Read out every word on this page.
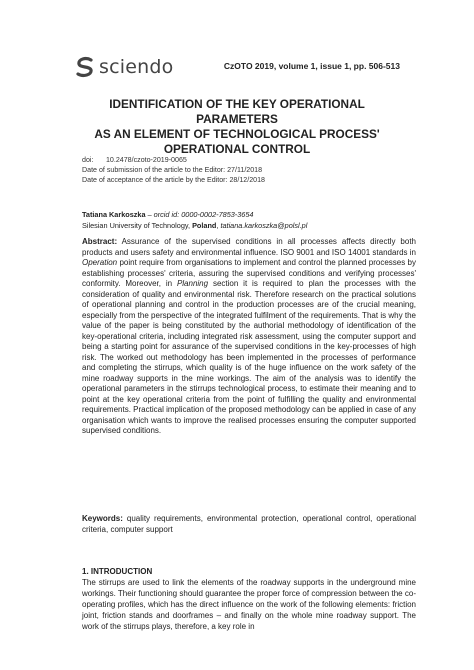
sciendo	CzOTO 2019, volume 1, issue 1, pp. 506-513
IDENTIFICATION OF THE KEY OPERATIONAL PARAMETERS
AS AN ELEMENT OF TECHNOLOGICAL PROCESS'
OPERATIONAL CONTROL
doi: 10.2478/czoto-2019-0065
Date of submission of the article to the Editor: 27/11/2018
Date of acceptance of the article by the Editor: 28/12/2018
Tatiana Karkoszka – orcid id: 0000-0002-7853-3654
Silesian University of Technology, Poland, tatiana.karkoszka@polsl.pl
Abstract: Assurance of the supervised conditions in all processes affects directly both products and users safety and environmental influence. ISO 9001 and ISO 14001 standards in Operation point require from organisations to implement and control the planned processes by establishing processes' criteria, assuring the supervised conditions and verifying processes' conformity. Moreover, in Planning section it is required to plan the processes with the consideration of quality and environmental risk. Therefore research on the practical solutions of operational planning and control in the production processes are of the crucial meaning, especially from the perspective of the integrated fulfilment of the requirements. That is why the value of the paper is being constituted by the authorial methodology of identification of the key-operational criteria, including integrated risk assessment, using the computer support and being a starting point for assurance of the supervised conditions in the key-processes of high risk. The worked out methodology has been implemented in the processes of performance and completing the stirrups, which quality is of the huge influence on the work safety of the mine roadway supports in the mine workings. The aim of the analysis was to identify the operational parameters in the stirrups technological process, to estimate their meaning and to point at the key operational criteria from the point of fulfilling the quality and environmental requirements. Practical implication of the proposed methodology can be applied in case of any organisation which wants to improve the realised processes ensuring the computer supported supervised conditions.
Keywords: quality requirements, environmental protection, operational control, operational criteria, computer support
1. INTRODUCTION
The stirrups are used to link the elements of the roadway supports in the underground mine workings. Their functioning should guarantee the proper force of compression between the co-operating profiles, which has the direct influence on the work of the following elements: friction joint, friction stands and doorframes – and finally on the whole mine roadway support. The work of the stirrups plays, therefore, a key role in
